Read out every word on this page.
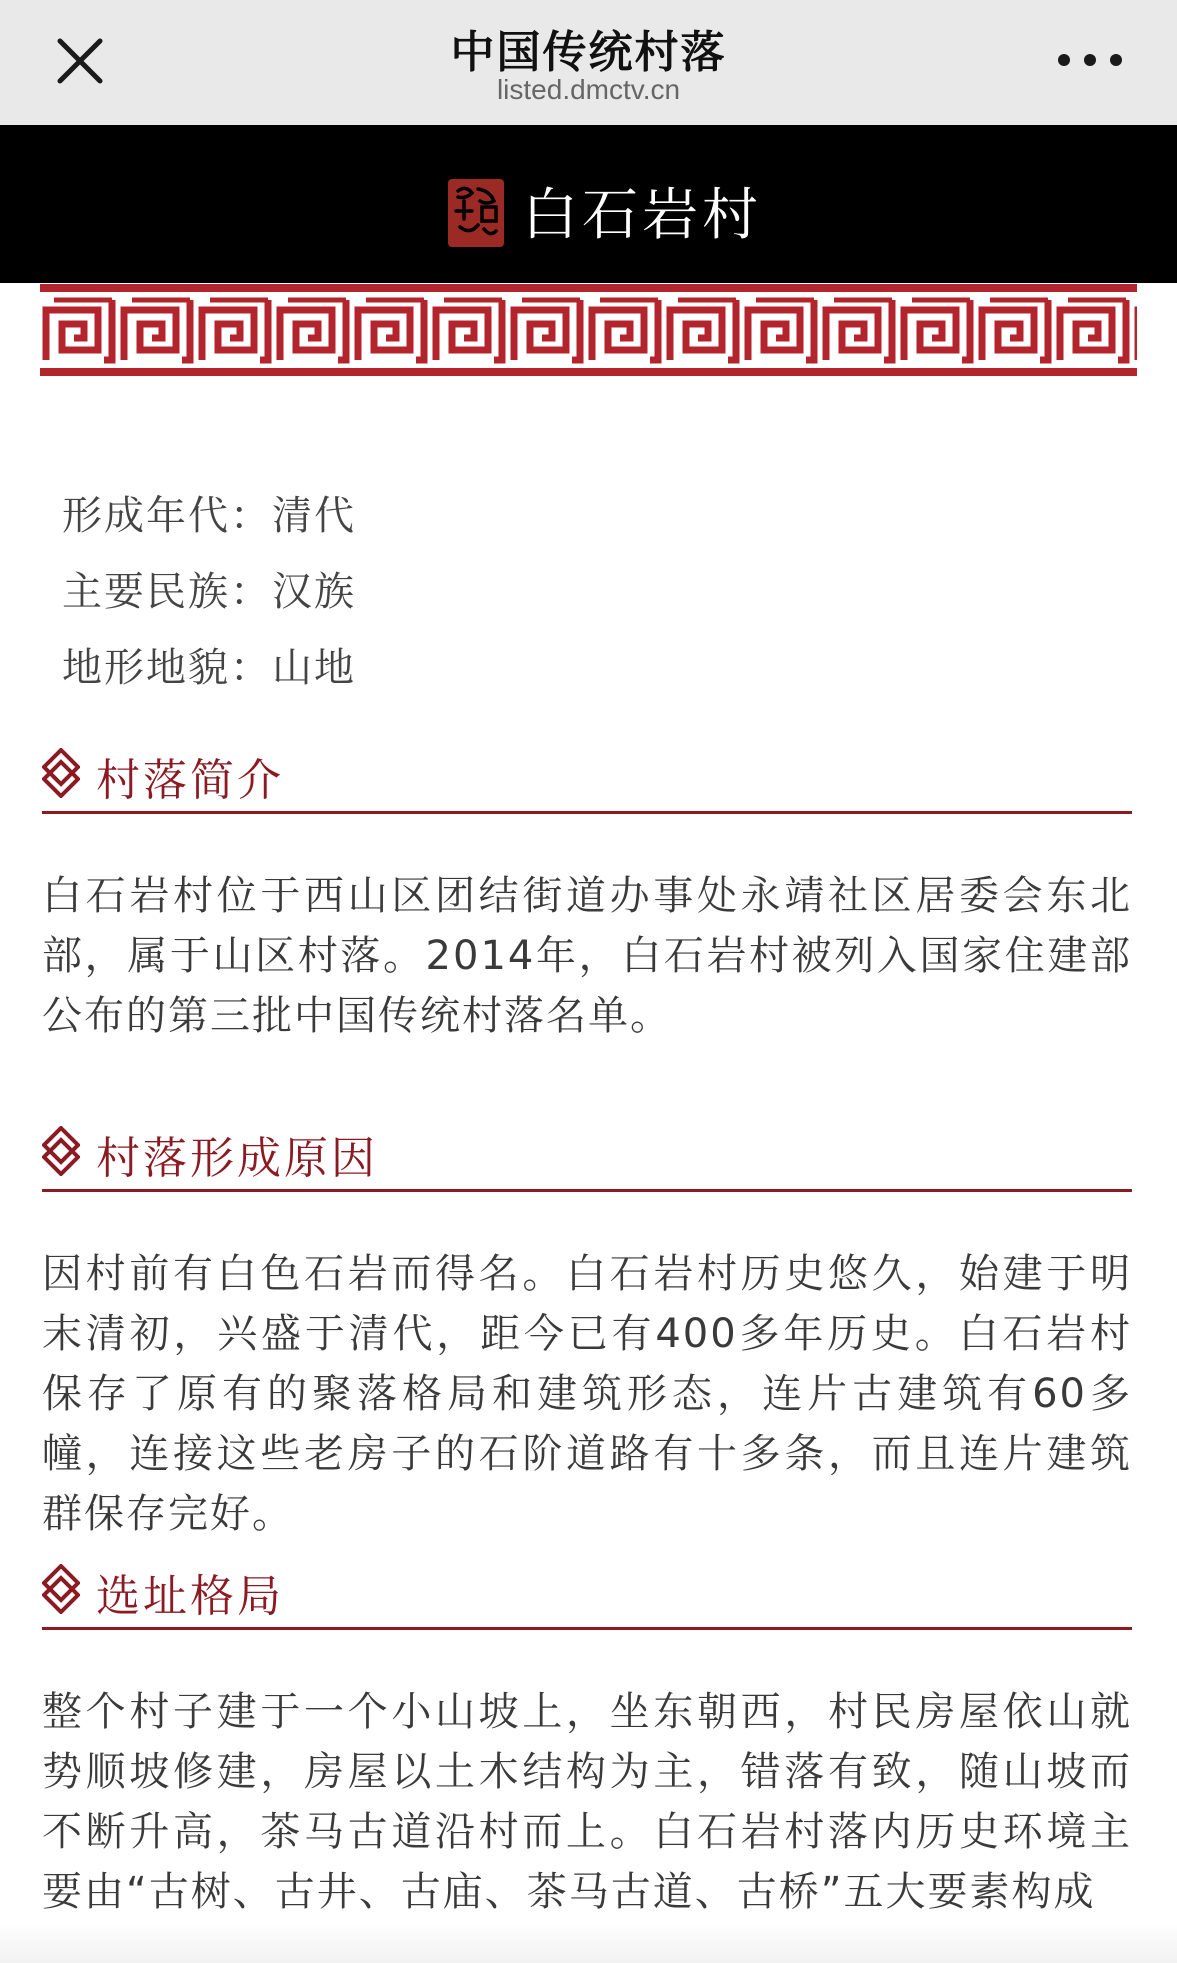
中国传统村落
listed.dmctv.cn
白石岩村
形成年代：清代
主要民族：汉族
地形地貌：山地
村落简介
白石岩村位于西山区团结街道办事处永靖社区居委会东北部，属于山区村落。2014年，白石岩村被列入国家住建部公布的第三批中国传统村落名单。
村落形成原因
因村前有白色石岩而得名。白石岩村历史悠久，始建于明末清初，兴盛于清代，距今已有400多年历史。白石岩村保存了原有的聚落格局和建筑形态，连片古建筑有60多幢，连接这些老房子的石阶道路有十多条，而且连片建筑群保存完好。
选址格局
整个村子建于一个小山坡上，坐东朝西，村民房屋依山就势顺坡修建，房屋以土木结构为主，错落有致，随山坡而不断升高，茶马古道沿村而上。白石岩村落内历史环境主要由“古树、古井、古庙、茶马古道、古桥”五大要素构成
